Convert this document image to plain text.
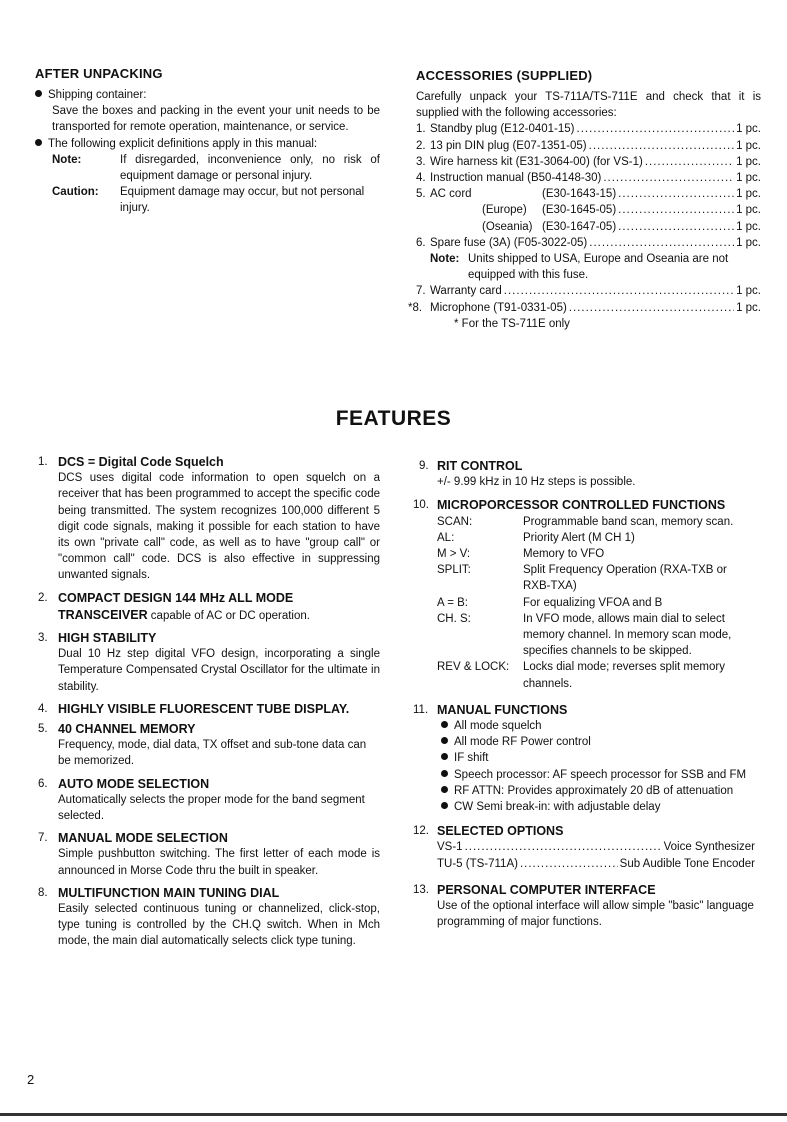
AFTER UNPACKING
Shipping container:
Save the boxes and packing in the event your unit needs to be transported for remote operation, maintenance, or service.
The following explicit definitions apply in this manual:
Note:	If disregarded, inconvenience only, no risk of equipment damage or personal injury.
Caution:	Equipment damage may occur, but not personal injury.
ACCESSORIES (SUPPLIED)
Carefully unpack your TS-711A/TS-711E and check that it is supplied with the following accessories:
1. Standby plug (E12-0401-15) .....	1 pc.
2. 13 pin DIN plug (E07-1351-05) .....	1 pc.
3. Wire harness kit (E31-3064-00) (for VS-1) .....	1 pc.
4. Instruction manual (B50-4148-30) .....	1 pc.
5. AC cord	(E30-1643-15) .....	1 pc.
(Europe)	(E30-1645-05) .....	1 pc.
(Oseania) (E30-1647-05) .....	1 pc.
6. Spare fuse (3A) (F05-3022-05) .....	1 pc.
Note: Units shipped to USA, Europe and Oseania are not equipped with this fuse.
7. Warranty card .....	1 pc.
*8. Microphone (T91-0331-05) .....	1 pc.
* For the TS-711E only
FEATURES
1. DCS = Digital Code Squelch
DCS uses digital code information to open squelch on a receiver that has been programmed to accept the specific code being transmitted. The system recognizes 100,000 different 5 digit code signals, making it possible for each station to have its own "private call" code, as well as to have "group call" or "common call" code. DCS is also effective in suppressing unwanted signals.
2. COMPACT DESIGN 144 MHz ALL MODE TRANSCEIVER capable of AC or DC operation.
3. HIGH STABILITY
Dual 10 Hz step digital VFO design, incorporating a single Temperature Compensated Crystal Oscillator for the ultimate in stability.
4. HIGHLY VISIBLE FLUORESCENT TUBE DISPLAY.
5. 40 CHANNEL MEMORY
Frequency, mode, dial data, TX offset and sub-tone data can be memorized.
6. AUTO MODE SELECTION
Automatically selects the proper mode for the band segment selected.
7. MANUAL MODE SELECTION
Simple pushbutton switching. The first letter of each mode is announced in Morse Code thru the built in speaker.
8. MULTIFUNCTION MAIN TUNING DIAL
Easily selected continuous tuning or channelized, click-stop, type tuning is controlled by the CH.Q switch. When in Mch mode, the main dial automatically selects click type tuning.
9. RIT CONTROL
+/- 9.99 kHz in 10 Hz steps is possible.
10. MICROPORCESSOR CONTROLLED FUNCTIONS
SCAN:	Programmable band scan, memory scan.
AL:	Priority Alert (M CH 1)
M > V:	Memory to VFO
SPLIT:	Split Frequency Operation (RXA-TXB or RXB-TXA)
A = B:	For equalizing VFOA and B
CH. S:	In VFO mode, allows main dial to select memory channel. In memory scan mode, specifies channels to be skipped.
REV & LOCK:	Locks dial mode; reverses split memory channels.
11. MANUAL FUNCTIONS
All mode squelch
All mode RF Power control
IF shift
Speech processor: AF speech processor for SSB and FM
RF ATTN: Provides approximately 20 dB of attenuation
CW Semi break-in: with adjustable delay
12. SELECTED OPTIONS
VS-1 .....	Voice Synthesizer
TU-5 (TS-711A) .....	Sub Audible Tone Encoder
13. PERSONAL COMPUTER INTERFACE
Use of the optional interface will allow simple "basic" language programming of major functions.
2
